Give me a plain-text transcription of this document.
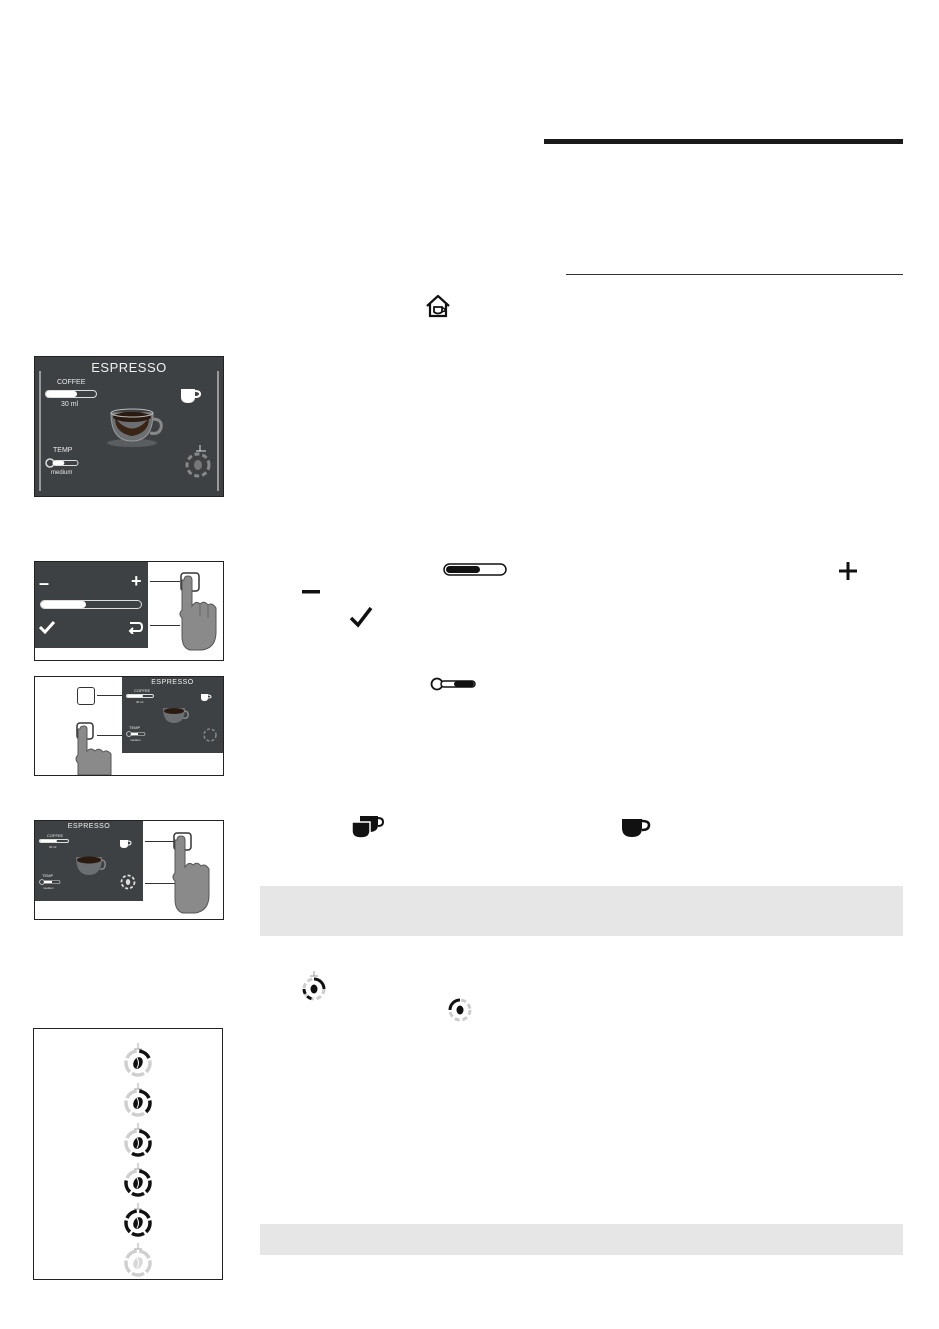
ESPRESSO
COFFEE
30 ml
TEMP
medium
–	+
ESPRESSO
COFFEE
30 ml
TEMP
medium
ESPRESSO
COFFEE
30 ml
TEMP
medium
